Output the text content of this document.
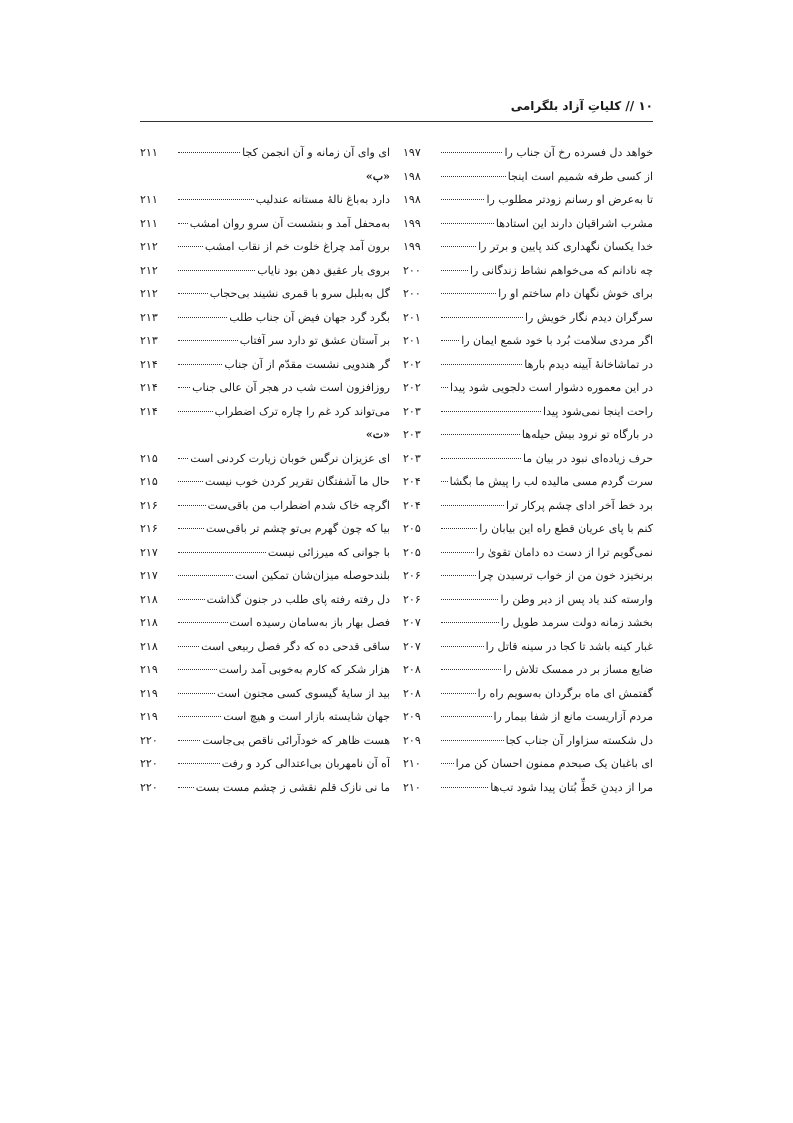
۱۰ // کلیاتِ آزاد بلگرامی
خواهد دل فسرده رخ آن جناب را
۱۹۷
از کسی طرفه شمیم است اینجا
۱۹۸
تا به‌عرض او رسانم زودتر مطلوب را
۱۹۸
مشرب اشراقیان دارند این استادها
۱۹۹
خدا یکسان نگهداری کند پایین و برتر را
۱۹۹
چه نادانم که می‌خواهم نشاط زندگانی را
۲۰۰
برای خوش نگهان دام ساختم او را
۲۰۰
سرگران دیدم نگار خویش را
۲۰۱
اگر مردی سلامت بُرد با خود شمع ایمان را
۲۰۱
در تماشاخانهٔ آیینه دیدم بارها
۲۰۲
در این معموره دشوار است دلجویی شود پیدا
۲۰۲
راحت اینجا نمی‌شود پیدا
۲۰۳
در بارگاه تو نرود بیش حیله‌ها
۲۰۳
حرف زیاده‌ای نبود در بیان ما
۲۰۳
سرت گردم مسی مالیده لب را پیش ما بگشا
۲۰۴
برد خط آخر ادای چشم پرکار ترا
۲۰۴
کنم با پای عریان قطع راه این بیابان را
۲۰۵
نمی‌گویم ترا از دست ده دامان تقویٰ را
۲۰۵
برنخیزد خون من از خواب ترسیدن چرا
۲۰۶
وارسته کند یاد پس از دیر وطن را
۲۰۶
بخشد زمانه دولت سرمد طویل را
۲۰۷
غبار کینه باشد تا کجا در سینه قاتل را
۲۰۷
ضایع مساز بر در ممسک تلاش را
۲۰۸
گفتمش ای ماه برگردان به‌سویم راه را
۲۰۸
مردم آزاریست مانع از شفا بیمار را
۲۰۹
دل شکسته سزاوار آن جناب کجا
۲۰۹
ای باغبان یک صبحدم ممنون احسان کن مرا
۲۱۰
مرا از دیدنِ خَطِّ بُتان پیدا شود تب‌ها
۲۱۰
ای وای آن زمانه و آن انجمن کجا
۲۱۱
«ب»
دارد به‌باغ نالهٔ مستانه عندلیب
۲۱۱
به‌محفل آمد و بنشست آن سرو روان امشب
۲۱۱
برون آمد چراغ خلوت خم از نقاب امشب
۲۱۲
بروی یار عقیق دهن بود نایاب
۲۱۲
گل به‌بلبل سرو با قمری نشیند بی‌حجاب
۲۱۲
بگرد گرد جهان فیض آن جناب طلب
۲۱۳
بر آستان عشق تو دارد سر آفتاب
۲۱۳
گر هندویی نشست مقدّم از آن جناب
۲۱۴
روزافزون است شب در هجر آن عالی جناب
۲۱۴
می‌تواند کرد غم را چاره ترک اضطراب
۲۱۴
«ت»
ای عزیزان نرگس خوبان زیارت کردنی است
۲۱۵
حال ما آشفتگان تقریر کردن خوب نیست
۲۱۵
اگرچه خاک شدم اضطراب من باقی‌ست
۲۱۶
بیا که چون گهرم بی‌تو چشم تر باقی‌ست
۲۱۶
با جوانی که میرزائی نیست
۲۱۷
بلندحوصله میزان‌شان تمکین است
۲۱۷
دل رفته رفته پای طلب در جنون گذاشت
۲۱۸
فصل بهار باز به‌سامان رسیده است
۲۱۸
ساقی قدحی ده که دگر فصل ربیعی است
۲۱۸
هزار شکر که کارم به‌خوبی آمد راست
۲۱۹
بید از سایهٔ گیسوی کسی مجنون است
۲۱۹
جهان شایسته بازار است و هیچ است
۲۱۹
هست ظاهر که خودآرائی ناقص بی‌جاست
۲۲۰
آه آن نامهربان بی‌اعتدالی کرد و رفت
۲۲۰
ما نی نازک قلم نقشی ز چشم مست بست
۲۲۰
